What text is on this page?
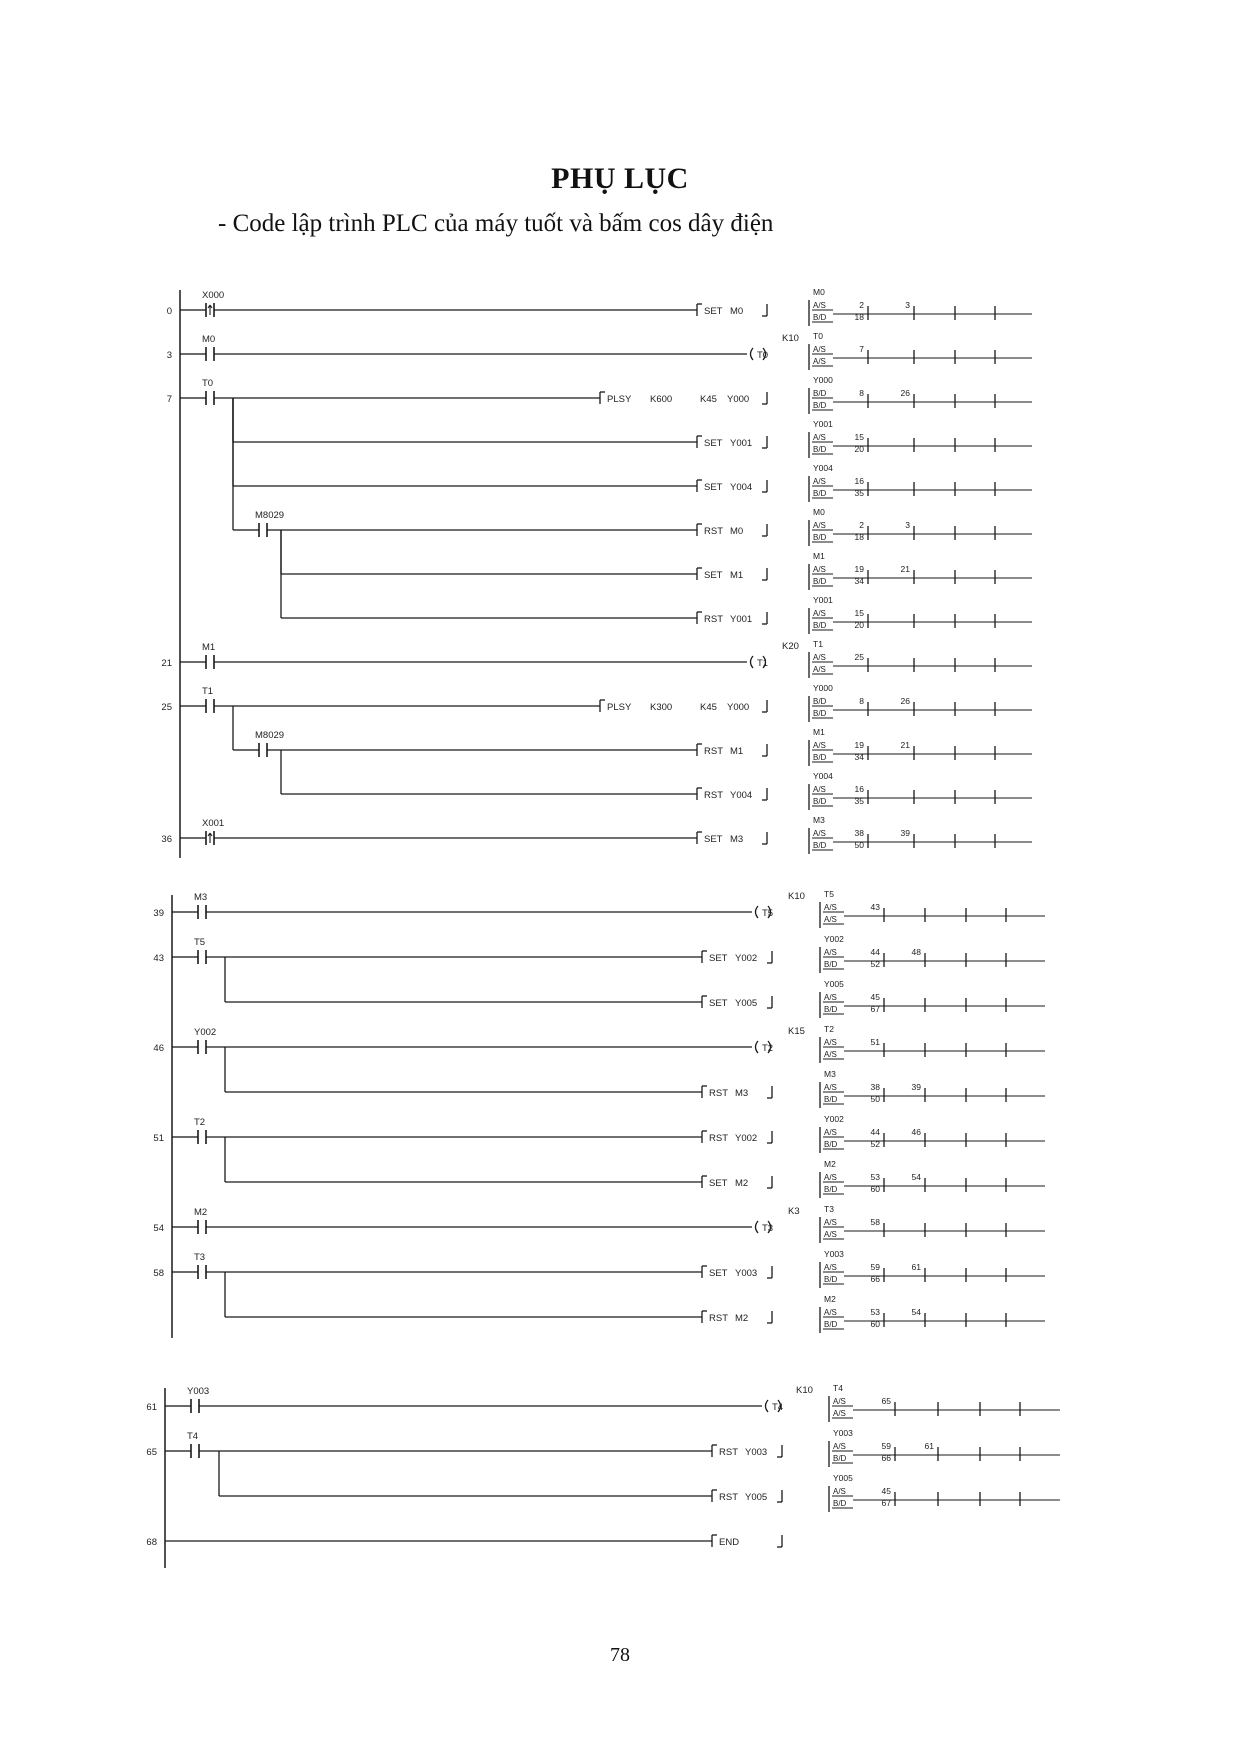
PHỤ LỤC
- Code lập trình PLC của máy tuốt và bấm cos dây điện
0
X000
SET M0
M0
A/S	2	3
B/D	18
3
M0
T0
K10 T0
A/S	7
A/S
7
T0
PLSY K600	K45 Y000
Y000
B/D	8	26
B/D
SET Y001
Y001
A/S	15
B/D	20
SET Y004
Y004
A/S	16
B/D	35
M8029
RST M0
M0
A/S	2	3
B/D	18
SET M1
M1
A/S	19	21
B/D	34
RST Y001
Y001
A/S	15
B/D	20
21
M1
T1
K20 T1
A/S	25
A/S
25
T1
PLSY K300	K45 Y000
Y000
B/D	8	26
B/D
M8029
RST M1
M1
A/S	19	21
B/D	34
RST Y004
Y004
A/S	16
B/D	35
36
X001
SET M3
M3
A/S	38	39
B/D	50
39
M3
T5
K10 T5
A/S	43
A/S
43
T5
SET Y002
Y002
A/S	44	48
B/D	52
SET Y005
Y005
A/S	45
B/D	67
46
Y002
T2
K15 T2
A/S	51
A/S
RST M3
M3
A/S	38	39
B/D	50
51
T2
RST Y002
Y002
A/S	44	46
B/D	52
SET M2
M2
A/S	53	54
B/D	60
54
M2
T3
K3	T3
A/S	58
A/S
58
T3
SET Y003
Y003
A/S	59	61
B/D	66
RST M2
M2
A/S	53	54
B/D	60
61
Y003
T4
K10 T4
A/S	65
A/S
65
T4
RST Y003
Y003
A/S	59	61
B/D	66
RST Y005
Y005
A/S	45
B/D	67
68	END
78
